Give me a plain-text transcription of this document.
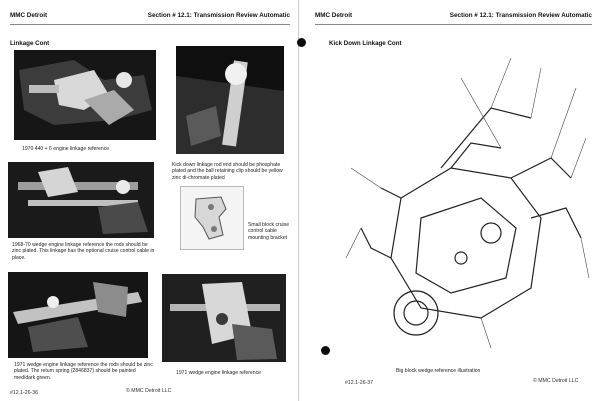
MMC Detroit	Section # 12.1: Transmission Review Automatic
Linkage Cont
1970 440 + 6 engine linkage reference
Kick down linkage rod end should be phosphate plated and the ball retaining clip should be yellow zinc di-chromate plated
1968-70 wedge engine linkage reference the rods should be zinc plated. This linkage has the optional cruise control cable in place.
Small block cruise control cable mounting bracket
1971 wedge engine linkage reference the rods should be zinc plated. The return spring (2846837) should be painted med/dark green.
1971 wedge engine linkage reference
#12.1-26-36	© MMC Detroit LLC
MMC Detroit	Section # 12.1: Transmission Review Automatic
Kick Down Linkage Cont
Big block wedge reference illustration
#12.1-26-37	© MMC Detroit LLC
